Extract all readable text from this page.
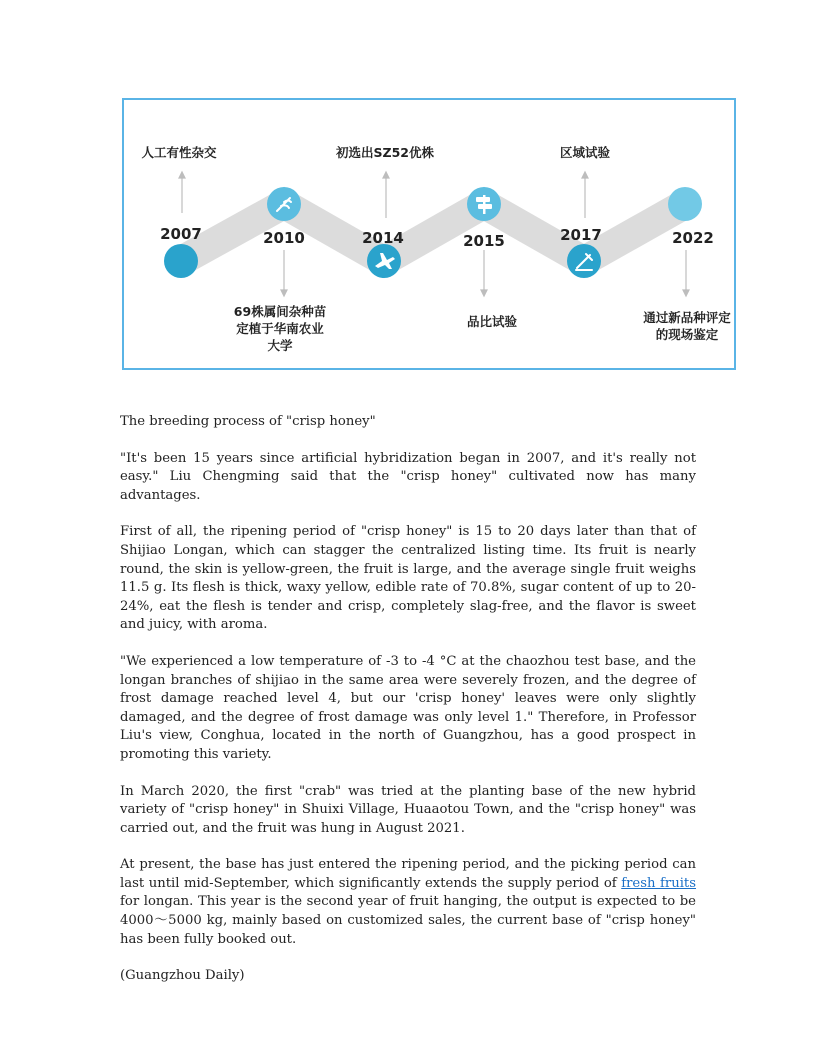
2007	2010	2014	2015	2017	2022
人工有性杂交
69株属间杂种苗
定植于华南农业
大学
初选出SZ52优株
品比试验
区域试验
通过新品种评定
的现场鉴定

The breeding process of "crisp honey"

"It's been 15 years since artificial hybridization began in 2007, and it's really not easy." Liu Chengming said that the "crisp honey" cultivated now has many advantages.

First of all, the ripening period of "crisp honey" is 15 to 20 days later than that of Shijiao Longan, which can stagger the centralized listing time. Its fruit is nearly round, the skin is yellow-green, the fruit is large, and the average single fruit weighs 11.5 g. Its flesh is thick, waxy yellow, edible rate of 70.8%, sugar content of up to 20-24%, eat the flesh is tender and crisp, completely slag-free, and the flavor is sweet and juicy, with aroma.

"We experienced a low temperature of -3 to -4 °C at the chaozhou test base, and the longan branches of shijiao in the same area were severely frozen, and the degree of frost damage reached level 4, but our 'crisp honey' leaves were only slightly damaged, and the degree of frost damage was only level 1." Therefore, in Professor Liu's view, Conghua, located in the north of Guangzhou, has a good prospect in promoting this variety.

In March 2020, the first "crab" was tried at the planting base of the new hybrid variety of "crisp honey" in Shuixi Village, Huaaotou Town, and the "crisp honey" was carried out, and the fruit was hung in August 2021.

At present, the base has just entered the ripening period, and the picking period can last until mid-September, which significantly extends the supply period of fresh fruits for longan. This year is the second year of fruit hanging, the output is expected to be 4000～5000 kg, mainly based on customized sales, the current base of "crisp honey" has been fully booked out.

(Guangzhou Daily)
